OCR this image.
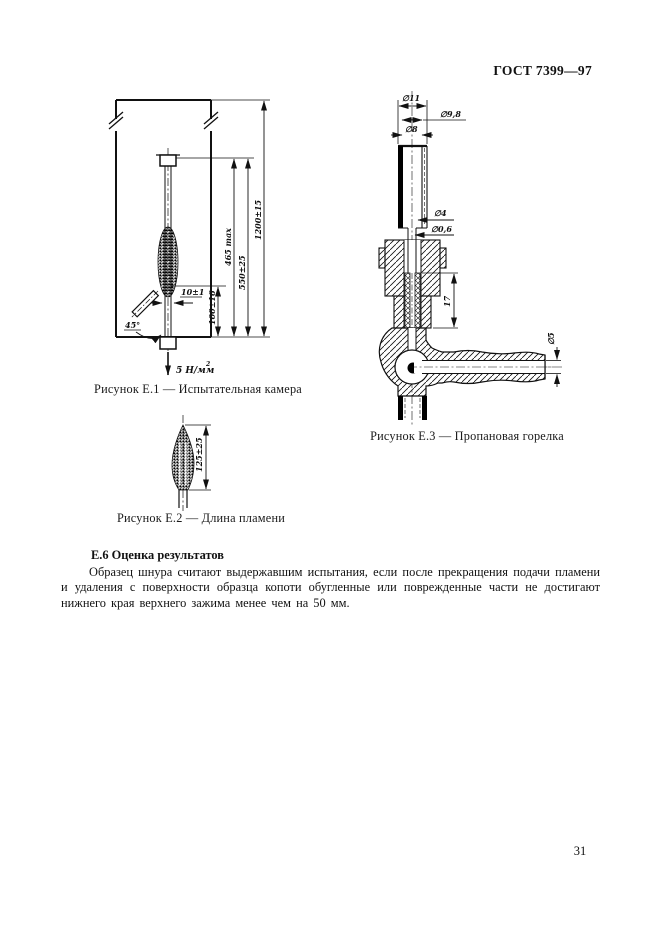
ГОСТ 7399—97
100±16
465 max
550±25
1200±15
10±1
45°
5 Н/мм
2
Рисунок Е.1 — Испытательная камера
125±25
Рисунок Е.2 — Длина пламени
∅11
∅9,8
∅8
∅4
∅0,6
17
∅5
Рисунок Е.3 — Пропановая горелка
Е.6 Оценка результатов

Образец шнура считают выдержавшим испытания, если после прекращения подачи пламени и удаления с поверхности образца копоти обугленные или поврежденные части не достигают нижнего края верхнего зажима менее чем на 50 мм.

31
